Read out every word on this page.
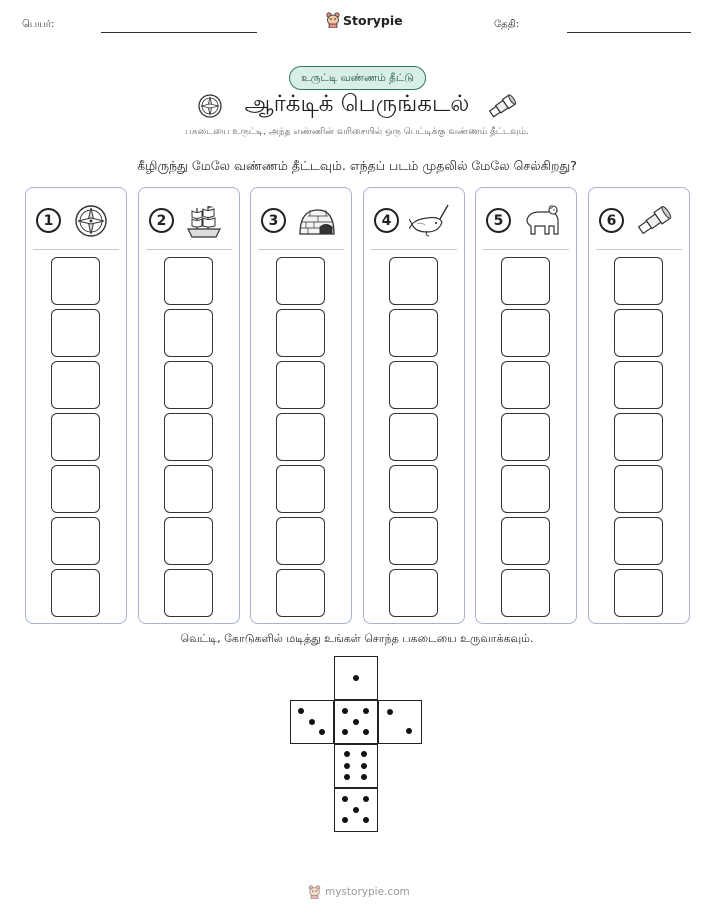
பெயர்:	Storypie	தேதி:
உருட்டி வண்ணம் தீட்டு
ஆர்க்டிக் பெருங்கடல்
பகடையை உருட்டி, அந்த எண்ணின் வரிசையில் ஒரு பெட்டிக்கு வண்ணம் தீட்டவும்.
கீழிருந்து மேலே வண்ணம் தீட்டவும். எந்தப் படம் முதலில் மேலே செல்கிறது?
1	2	3	4	5	6
வெட்டி, கோடுகளில் மடித்து உங்கள் சொந்த பகடையை உருவாக்கவும்.
mystorypie.com
